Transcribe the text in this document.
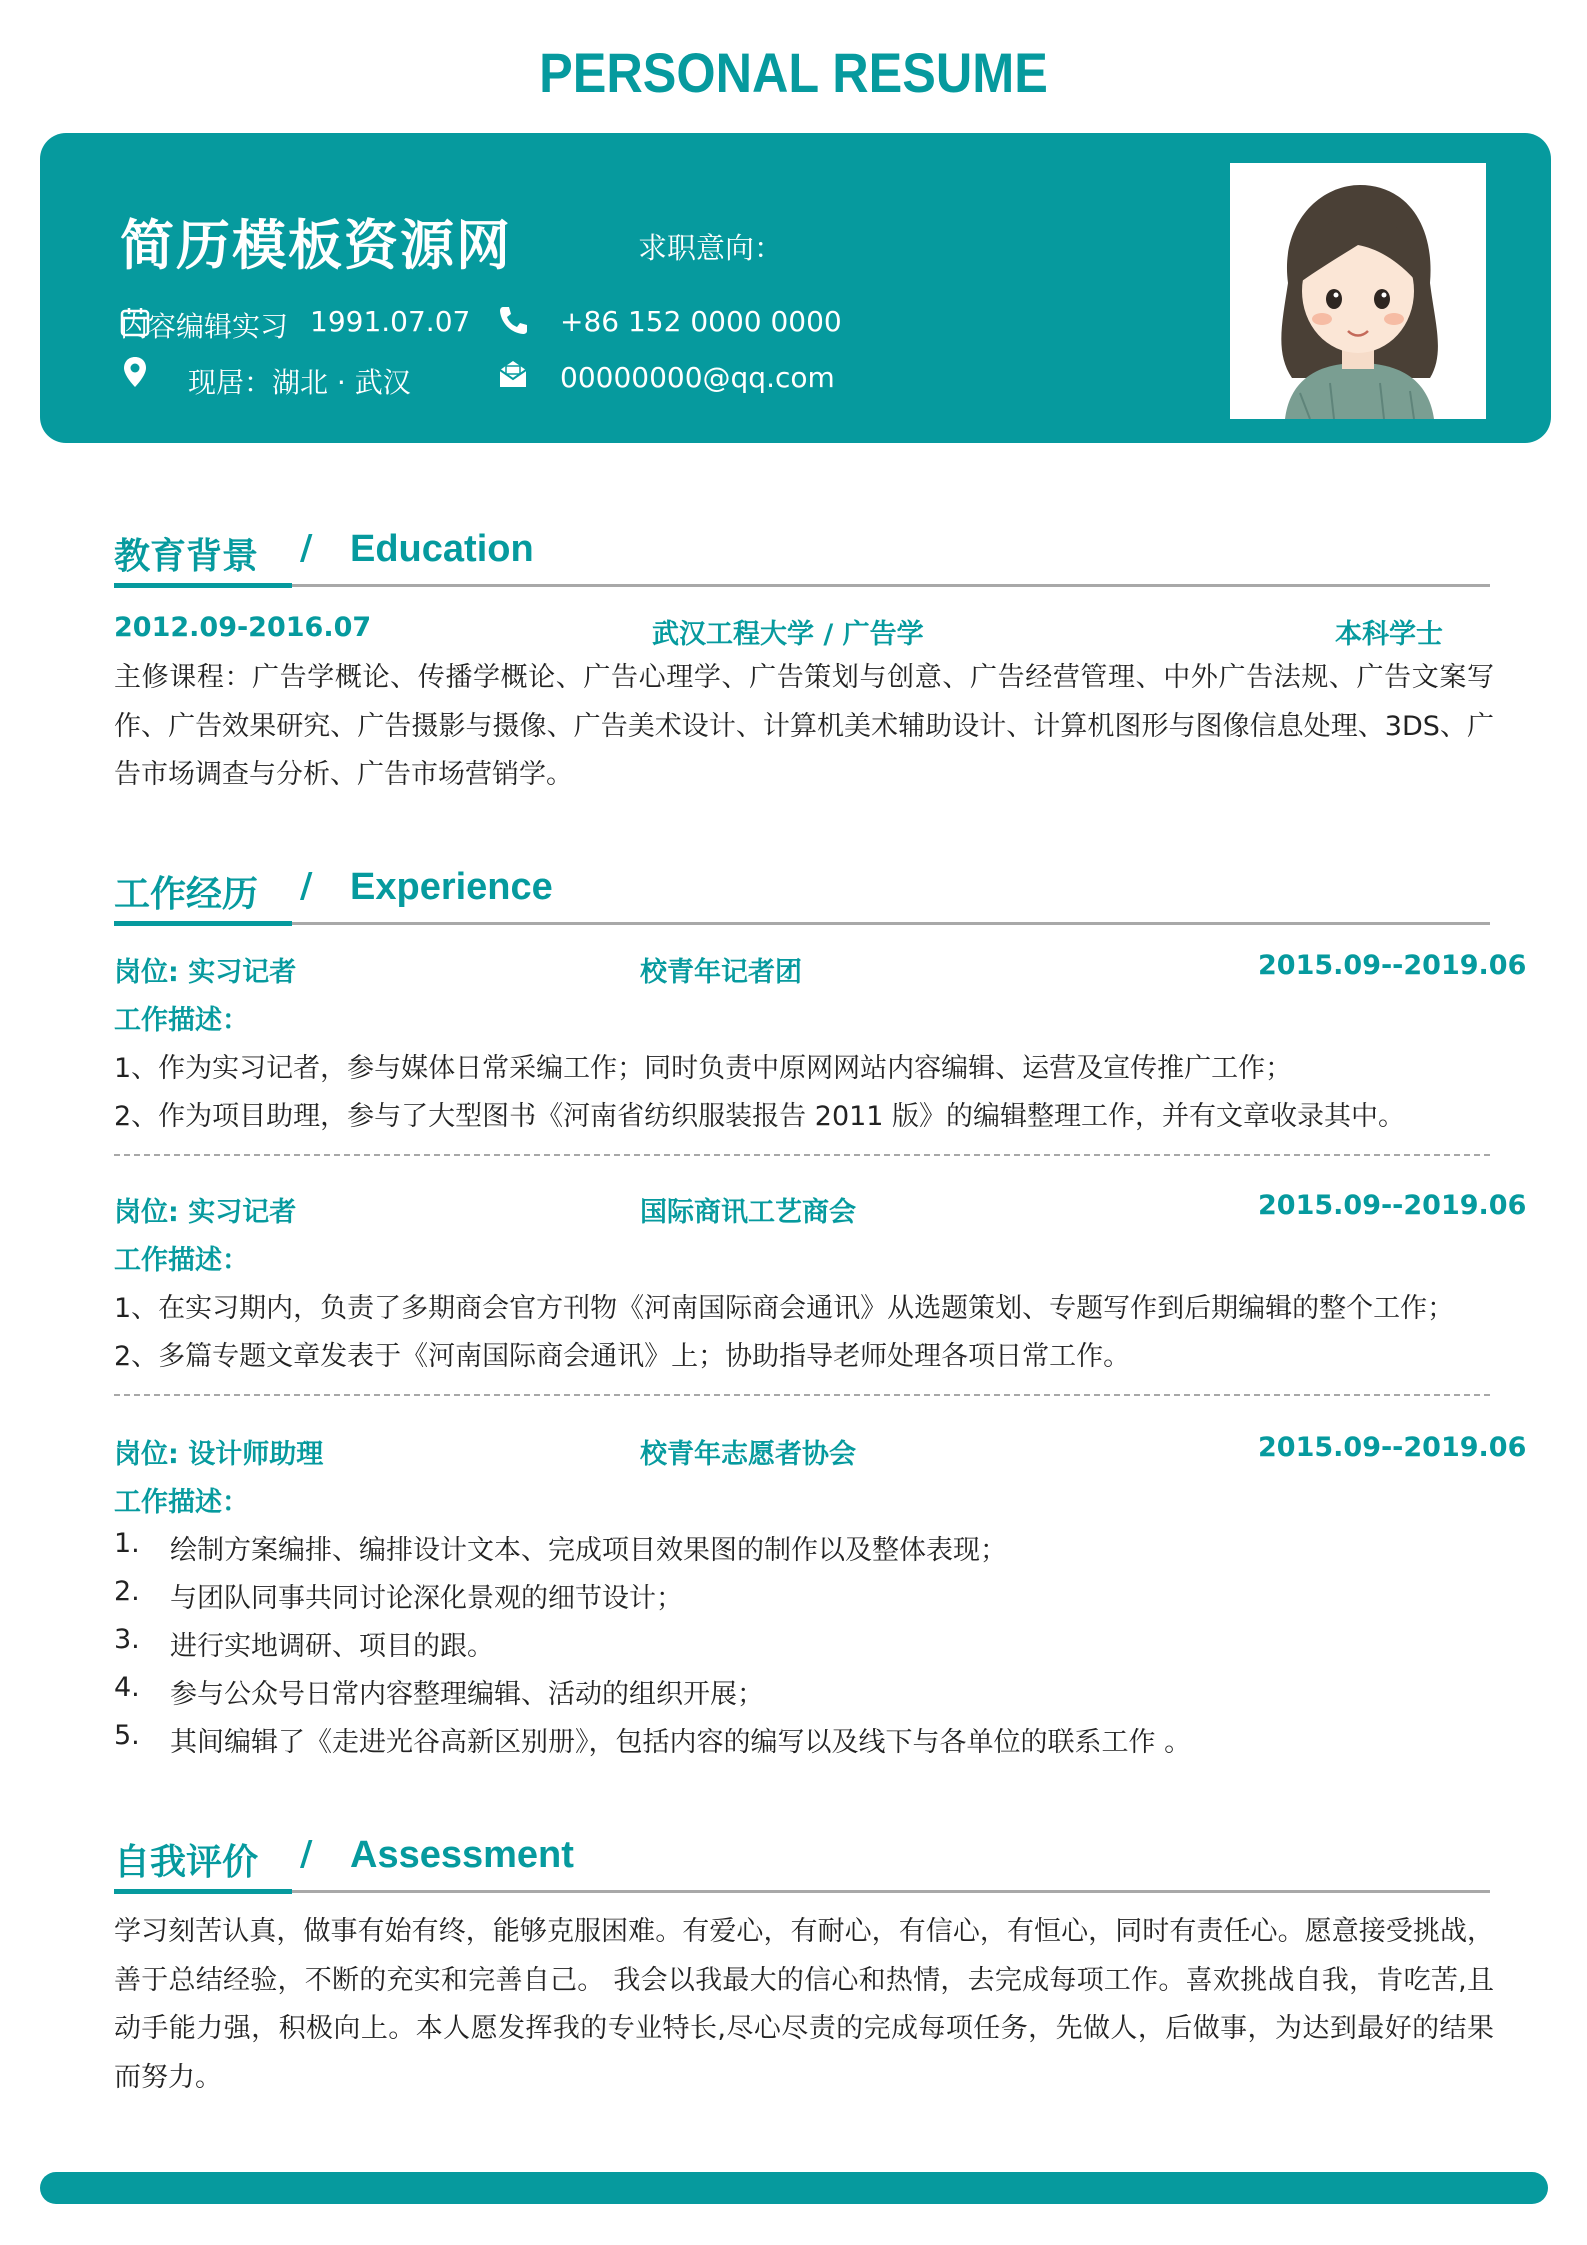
PERSONAL RESUME
简历模板资源网	求职意向：
内容编辑实习 1991.07.07	+86 152 0000 0000
现居：湖北 · 武汉	00000000@qq.com
教育背景 / Education
2012.09-2016.07	武汉工程大学 / 广告学	本科学士
主修课程：广告学概论、传播学概论、广告心理学、广告策划与创意、广告经营管理、中外广告法规、广告文案写作、广告效果研究、广告摄影与摄像、广告美术设计、计算机美术辅助设计、计算机图形与图像信息处理、3DS、广告市场调查与分析、广告市场营销学。
工作经历 / Experience
岗位: 实习记者	校青年记者团	2015.09--2019.06
工作描述：
1、作为实习记者，参与媒体日常采编工作；同时负责中原网网站内容编辑、运营及宣传推广工作；
2、作为项目助理，参与了大型图书《河南省纺织服装报告 2011 版》的编辑整理工作，并有文章收录其中。
岗位: 实习记者	国际商讯工艺商会	2015.09--2019.06
工作描述：
1、在实习期内，负责了多期商会官方刊物《河南国际商会通讯》从选题策划、专题写作到后期编辑的整个工作；
2、多篇专题文章发表于《河南国际商会通讯》上；协助指导老师处理各项日常工作。
岗位: 设计师助理	校青年志愿者协会	2015.09--2019.06
工作描述：
1. 绘制方案编排、编排设计文本、完成项目效果图的制作以及整体表现；
2. 与团队同事共同讨论深化景观的细节设计；
3. 进行实地调研、项目的跟。
4. 参与公众号日常内容整理编辑、活动的组织开展；
5. 其间编辑了《走进光谷高新区别册》，包括内容的编写以及线下与各单位的联系工作 。
自我评价 / Assessment
学习刻苦认真，做事有始有终，能够克服困难。有爱心，有耐心，有信心，有恒心，同时有责任心。愿意接受挑战，善于总结经验，不断的充实和完善自己。 我会以我最大的信心和热情，去完成每项工作。喜欢挑战自我，肯吃苦,且动手能力强，积极向上。本人愿发挥我的专业特长,尽心尽责的完成每项任务，先做人，后做事，为达到最好的结果而努力。
